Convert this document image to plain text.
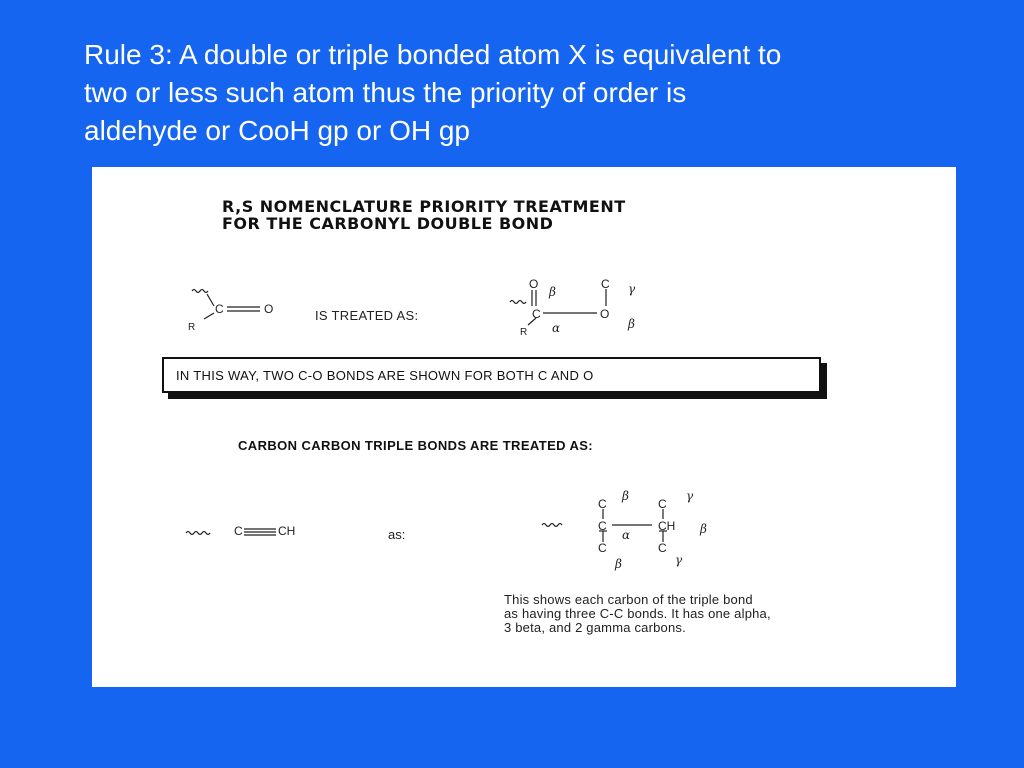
Rule 3: A double or triple bonded atom X is equivalent to
two or less such atom thus the priority of order is
aldehyde or CooH gp or OH gp
R,S NOMENCLATURE PRIORITY TREATMENT
FOR THE CARBONYL DOUBLE BOND
C	O
R
IS TREATED AS:
O
β
C γ
C	O
R α	β
IN THIS WAY, TWO C-O BONDS ARE SHOWN FOR BOTH C AND O
CARBON CARBON TRIPLE BONDS ARE TREATED AS:
C	CH	as:
C
β
C
γ
C	CH β
α
C	C
β	γ
This shows each carbon of the triple bond
as having three C-C bonds. It has one alpha,
3 beta, and 2 gamma carbons.
